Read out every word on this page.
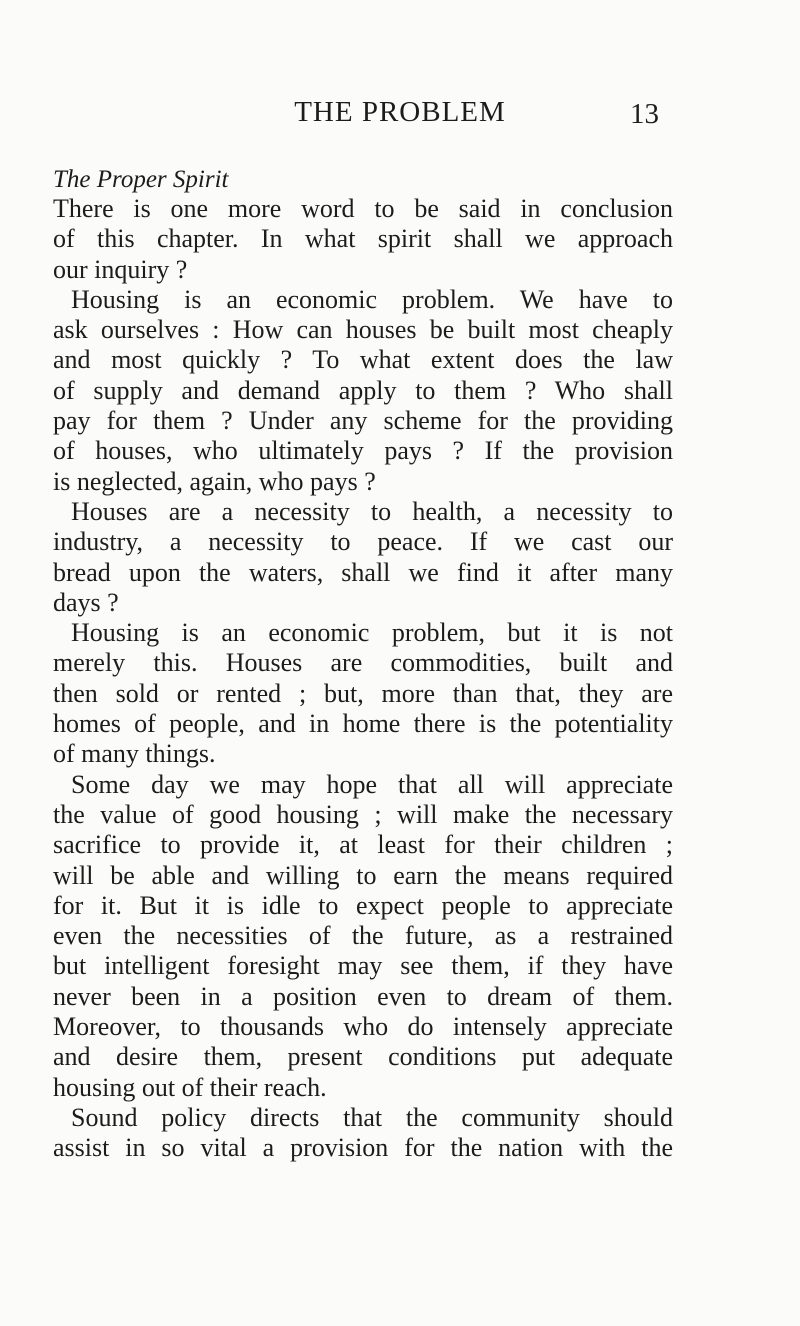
THE PROBLEM	13
The Proper Spirit
There is one more word to be said in conclusion
of this chapter. In what spirit shall we approach
our inquiry ?
Housing is an economic problem. We have to
ask ourselves : How can houses be built most cheaply
and most quickly ? To what extent does the law
of supply and demand apply to them ? Who shall
pay for them ? Under any scheme for the providing
of houses, who ultimately pays ? If the provision
is neglected, again, who pays ?
Houses are a necessity to health, a necessity to
industry, a necessity to peace. If we cast our
bread upon the waters, shall we find it after many
days ?
Housing is an economic problem, but it is not
merely this. Houses are commodities, built and
then sold or rented ; but, more than that, they are
homes of people, and in home there is the potentiality
of many things.
Some day we may hope that all will appreciate
the value of good housing ; will make the necessary
sacrifice to provide it, at least for their children ;
will be able and willing to earn the means required
for it. But it is idle to expect people to appreciate
even the necessities of the future, as a restrained
but intelligent foresight may see them, if they have
never been in a position even to dream of them.
Moreover, to thousands who do intensely appreciate
and desire them, present conditions put adequate
housing out of their reach.
Sound policy directs that the community should
assist in so vital a provision for the nation with the
